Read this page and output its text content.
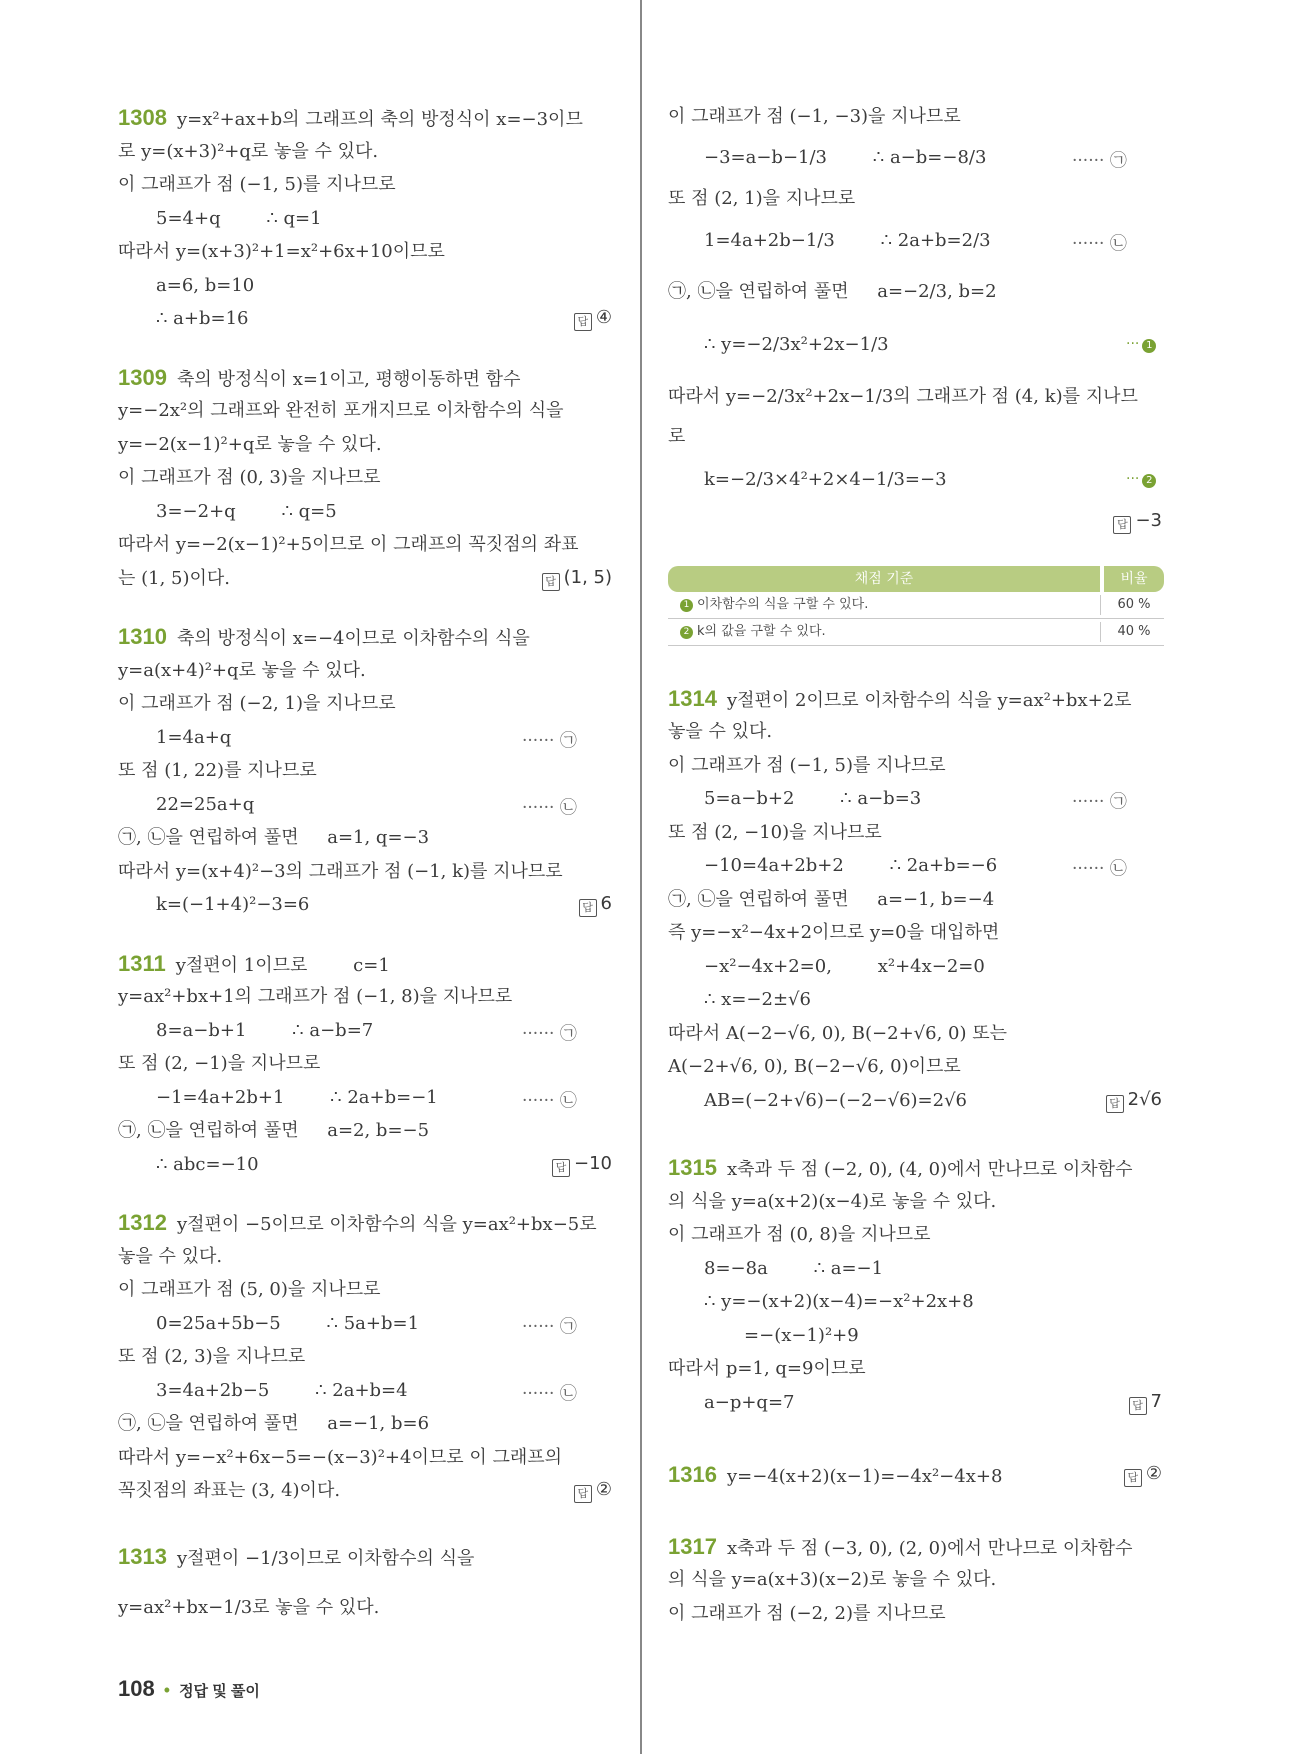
1308 y=x²+ax+b의 그래프의 축의 방정식이 x=−3이므
로 y=(x+3)²+q로 놓을 수 있다.
이 그래프가 점 (−1, 5)를 지나므로
5=4+q        ∴ q=1
따라서 y=(x+3)²+1=x²+6x+10이므로
a=6, b=10
∴ a+b=16	답 ④
1309 축의 방정식이 x=1이고, 평행이동하면 함수
y=−2x²의 그래프와 완전히 포개지므로 이차함수의 식을
y=−2(x−1)²+q로 놓을 수 있다.
이 그래프가 점 (0, 3)을 지나므로
3=−2+q        ∴ q=5
따라서 y=−2(x−1)²+5이므로 이 그래프의 꼭짓점의 좌표
는 (1, 5)이다.	답 (1, 5)
1310 축의 방정식이 x=−4이므로 이차함수의 식을
y=a(x+4)²+q로 놓을 수 있다.
이 그래프가 점 (−2, 1)을 지나므로
1=4a+q	······ ㉠
또 점 (1, 22)를 지나므로
22=25a+q	······ ㉡
㉠, ㉡을 연립하여 풀면     a=1, q=−3
따라서 y=(x+4)²−3의 그래프가 점 (−1, k)를 지나므로
k=(−1+4)²−3=6	답 6
1311 y절편이 1이므로        c=1
y=ax²+bx+1의 그래프가 점 (−1, 8)을 지나므로
8=a−b+1        ∴ a−b=7	······ ㉠
또 점 (2, −1)을 지나므로
−1=4a+2b+1        ∴ 2a+b=−1	······ ㉡
㉠, ㉡을 연립하여 풀면     a=2, b=−5
∴ abc=−10	답 −10
1312 y절편이 −5이므로 이차함수의 식을 y=ax²+bx−5로
놓을 수 있다.
이 그래프가 점 (5, 0)을 지나므로
0=25a+5b−5        ∴ 5a+b=1	······ ㉠
또 점 (2, 3)을 지나므로
3=4a+2b−5        ∴ 2a+b=4	······ ㉡
㉠, ㉡을 연립하여 풀면     a=−1, b=6
따라서 y=−x²+6x−5=−(x−3)²+4이므로 이 그래프의
꼭짓점의 좌표는 (3, 4)이다.	답 ②
1313 y절편이 −1/3이므로 이차함수의 식을
y=ax²+bx−1/3로 놓을 수 있다.
이 그래프가 점 (−1, −3)을 지나므로
−3=a−b−1/3        ∴ a−b=−8/3	······ ㉠
또 점 (2, 1)을 지나므로
1=4a+2b−1/3        ∴ 2a+b=2/3	······ ㉡
㉠, ㉡을 연립하여 풀면     a=−2/3, b=2
∴ y=−2/3x²+2x−1/3	··· 1
따라서 y=−2/3x²+2x−1/3의 그래프가 점 (4, k)를 지나므
로
k=−2/3×4²+2×4−1/3=−3	··· 2
답 −3
1314 y절편이 2이므로 이차함수의 식을 y=ax²+bx+2로
놓을 수 있다.
이 그래프가 점 (−1, 5)를 지나므로
5=a−b+2        ∴ a−b=3	······ ㉠
또 점 (2, −10)을 지나므로
−10=4a+2b+2        ∴ 2a+b=−6	······ ㉡
㉠, ㉡을 연립하여 풀면     a=−1, b=−4
즉 y=−x²−4x+2이므로 y=0을 대입하면
−x²−4x+2=0,        x²+4x−2=0
∴ x=−2±√6
따라서 A(−2−√6, 0), B(−2+√6, 0) 또는
A(−2+√6, 0), B(−2−√6, 0)이므로
AB=(−2+√6)−(−2−√6)=2√6	답 2√6
1315 x축과 두 점 (−2, 0), (4, 0)에서 만나므로 이차함수
의 식을 y=a(x+2)(x−4)로 놓을 수 있다.
이 그래프가 점 (0, 8)을 지나므로
8=−8a        ∴ a=−1
∴ y=−(x+2)(x−4)=−x²+2x+8
=−(x−1)²+9
따라서 p=1, q=9이므로
a−p+q=7	답 7
1316 y=−4(x+2)(x−1)=−4x²−4x+8	답 ②
1317 x축과 두 점 (−3, 0), (2, 0)에서 만나므로 이차함수
의 식을 y=a(x+3)(x−2)로 놓을 수 있다.
이 그래프가 점 (−2, 2)를 지나므로
채점 기준	비율
1 이차함수의 식을 구할 수 있다.	60 %
2 k의 값을 구할 수 있다.	40 %
108 • 정답 및 풀이
